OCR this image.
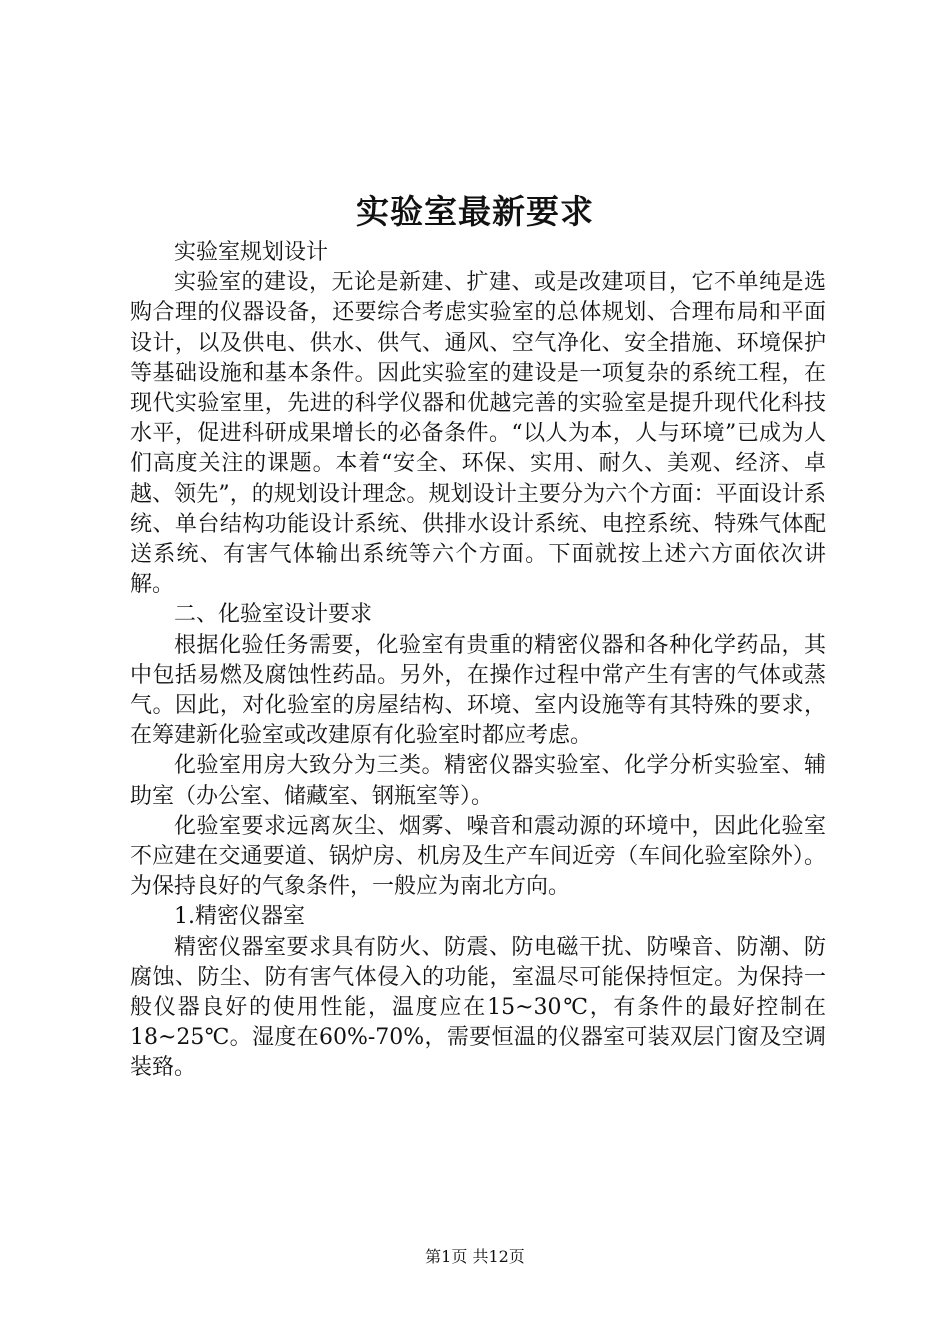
实验室最新要求

实验室规划设计

实验室的建设，无论是新建、扩建、或是改建项目，它不单纯是选购合理的仪器设备，还要综合考虑实验室的总体规划、合理布局和平面设计，以及供电、供水、供气、通风、空气净化、安全措施、环境保护等基础设施和基本条件。因此实验室的建设是一项复杂的系统工程，在现代实验室里，先进的科学仪器和优越完善的实验室是提升现代化科技水平，促进科研成果增长的必备条件。“以人为本，人与环境”已成为人们高度关注的课题。本着“安全、环保、实用、耐久、美观、经济、卓越、领先”，的规划设计理念。规划设计主要分为六个方面：平面设计系统、单台结构功能设计系统、供排水设计系统、电控系统、特殊气体配送系统、有害气体输出系统等六个方面。下面就按上述六方面依次讲解。

二、化验室设计要求

根据化验任务需要，化验室有贵重的精密仪器和各种化学药品，其中包括易燃及腐蚀性药品。另外，在操作过程中常产生有害的气体或蒸气。因此，对化验室的房屋结构、环境、室内设施等有其特殊的要求，在筹建新化验室或改建原有化验室时都应考虑。

化验室用房大致分为三类。精密仪器实验室、化学分析实验室、辅助室（办公室、储藏室、钢瓶室等）。

化验室要求远离灰尘、烟雾、噪音和震动源的环境中，因此化验室不应建在交通要道、锅炉房、机房及生产车间近旁（车间化验室除外）。为保持良好的气象条件，一般应为南北方向。

1.精密仪器室

精密仪器室要求具有防火、防震、防电磁干扰、防噪音、防潮、防腐蚀、防尘、防有害气体侵入的功能，室温尽可能保持恒定。为保持一般仪器良好的使用性能，温度应在15~30℃，有条件的最好控制在18~25℃。湿度在60%-70%，需要恒温的仪器室可装双层门窗及空调装臵。

第1页 共12页
